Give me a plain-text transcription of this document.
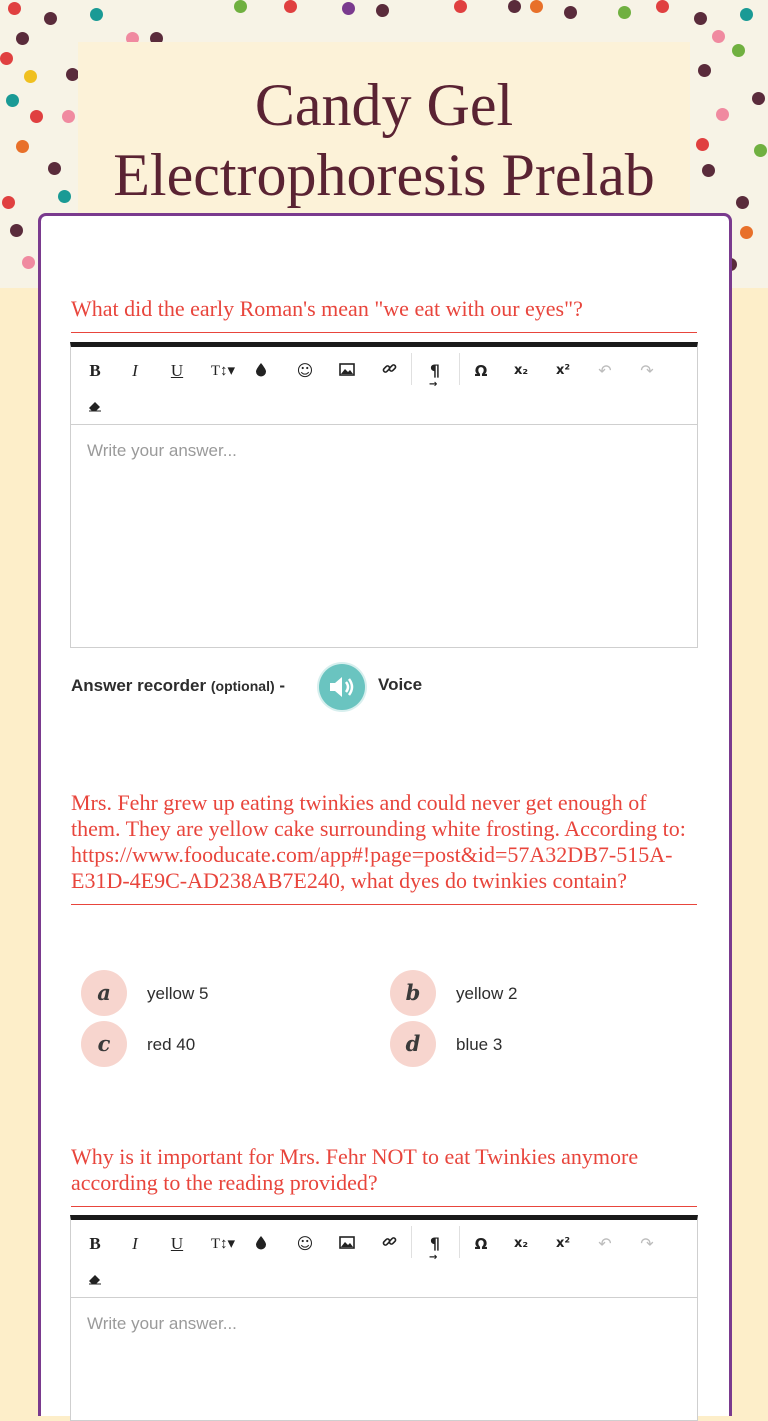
Candy Gel Electrophoresis Prelab
What did the early Roman's mean "we eat with our eyes"?
B	I	U	T↕▾	☺	¶
→
Ω	x₂	x²	↶	↷
Write your answer...
Answer recorder (optional) -	Voice
Mrs. Fehr grew up eating twinkies and could never get enough of them. They are yellow cake surrounding white frosting. According to: https://www.fooducate.com/app#!page=post&id=57A32DB7-515A-E31D-4E9C-AD238AB7E240, what dyes do twinkies contain?
a	yellow 5	b	yellow 2
c	red 40	d	blue 3
Why is it important for Mrs. Fehr NOT to eat Twinkies anymore according to the reading provided?
B	I	U	T↕▾	☺	¶
→
Ω	x₂	x²	↶	↷
Write your answer...
